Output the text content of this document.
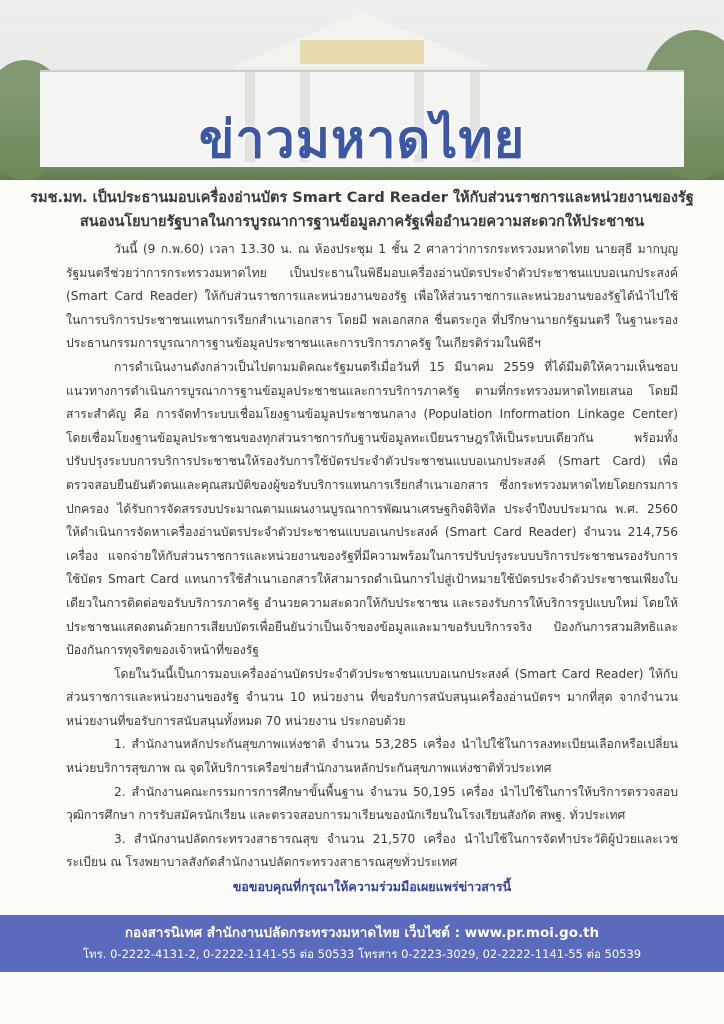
ข่าวมหาดไทย
รมช.มท. เป็นประธานมอบเครื่องอ่านบัตร Smart Card Reader ให้กับส่วนราชการและหน่วยงานของรัฐ
สนองนโยบายรัฐบาลในการบูรณาการฐานข้อมูลภาครัฐเพื่ออำนวยความสะดวกให้ประชาชน

วันนี้ (9 ก.พ.60) เวลา 13.30 น. ณ ห้องประชุม 1 ชั้น 2 ศาลาว่าการกระทรวงมหาดไทย นายสุธี มากบุญ รัฐมนตรีช่วยว่าการกระทรวงมหาดไทย เป็นประธานในพิธีมอบเครื่องอ่านบัตรประจำตัวประชาชนแบบอเนกประสงค์ (Smart Card Reader) ให้กับส่วนราชการและหน่วยงานของรัฐ เพื่อให้ส่วนราชการและหน่วยงานของรัฐได้นำไปใช้ในการบริการประชาชนแทนการเรียกสำเนาเอกสาร โดยมี พลเอกสกล ชื่นตระกูล ที่ปรึกษานายกรัฐมนตรี ในฐานะรองประธานกรรมการบูรณาการฐานข้อมูลประชาชนและการบริการภาครัฐ ในเกียรติร่วมในพิธีฯ

การดำเนินงานดังกล่าวเป็นไปตามมติคณะรัฐมนตรีเมื่อวันที่ 15 มีนาคม 2559 ที่ได้มีมติให้ความเห็นชอบแนวทางการดำเนินการบูรณาการฐานข้อมูลประชาชนและการบริการภาครัฐ ตามที่กระทรวงมหาดไทยเสนอ โดยมีสาระสำคัญ คือ การจัดทำระบบเชื่อมโยงฐานข้อมูลประชาชนกลาง (Population Information Linkage Center) โดยเชื่อมโยงฐานข้อมูลประชาชนของทุกส่วนราชการกับฐานข้อมูลทะเบียนราษฎรให้เป็นระบบเดียวกัน พร้อมทั้งปรับปรุงระบบการบริการประชาชนให้รองรับการใช้บัตรประจำตัวประชาชนแบบอเนกประสงค์ (Smart Card) เพื่อตรวจสอบยืนยันตัวตนและคุณสมบัติของผู้ขอรับบริการแทนการเรียกสำเนาเอกสาร ซึ่งกระทรวงมหาดไทยโดยกรมการปกครอง ได้รับการจัดสรรงบประมาณตามแผนงานบูรณาการพัฒนาเศรษฐกิจดิจิทัล ประจำปีงบประมาณ พ.ศ. 2560 ให้ดำเนินการจัดหาเครื่องอ่านบัตรประจำตัวประชาชนแบบอเนกประสงค์ (Smart Card Reader) จำนวน 214,756 เครื่อง แจกจ่ายให้กับส่วนราชการและหน่วยงานของรัฐที่มีความพร้อมในการปรับปรุงระบบบริการประชาชนรองรับการใช้บัตร Smart Card แทนการใช้สำเนาเอกสารให้สามารถดำเนินการไปสู่เป้าหมายใช้บัตรประจำตัวประชาชนเพียงใบเดียวในการติดต่อขอรับบริการภาครัฐ อำนวยความสะดวกให้กับประชาชน และรองรับการให้บริการรูปแบบใหม่ โดยให้ประชาชนแสดงตนด้วยการเสียบบัตรเพื่อยืนยันว่าเป็นเจ้าของข้อมูลและมาขอรับบริการจริง ป้องกันการสวมสิทธิและป้องกันการทุจริตของเจ้าหน้าที่ของรัฐ

โดยในวันนี้เป็นการมอบเครื่องอ่านบัตรประจำตัวประชาชนแบบอเนกประสงค์ (Smart Card Reader) ให้กับส่วนราชการและหน่วยงานของรัฐ จำนวน 10 หน่วยงาน ที่ขอรับการสนับสนุนเครื่องอ่านบัตรฯ มากที่สุด จากจำนวนหน่วยงานที่ขอรับการสนับสนุนทั้งหมด 70 หน่วยงาน ประกอบด้วย

1. สำนักงานหลักประกันสุขภาพแห่งชาติ จำนวน 53,285 เครื่อง นำไปใช้ในการลงทะเบียนเลือกหรือเปลี่ยนหน่วยบริการสุขภาพ ณ จุดให้บริการเครือข่ายสำนักงานหลักประกันสุขภาพแห่งชาติทั่วประเทศ

2. สำนักงานคณะกรรมการการศึกษาขั้นพื้นฐาน จำนวน 50,195 เครื่อง นำไปใช้ในการให้บริการตรวจสอบวุฒิการศึกษา การรับสมัครนักเรียน และตรวจสอบการมาเรียนของนักเรียนในโรงเรียนสังกัด สพฐ. ทั่วประเทศ

3. สำนักงานปลัดกระทรวงสาธารณสุข จำนวน 21,570 เครื่อง นำไปใช้ในการจัดทำประวัติผู้ป่วยและเวชระเบียน ณ โรงพยาบาลสังกัดสำนักงานปลัดกระทรวงสาธารณสุขทั่วประเทศ

ขอขอบคุณที่กรุณาให้ความร่วมมือเผยแพร่ข่าวสารนี้

กองสารนิเทศ สำนักงานปลัดกระทรวงมหาดไทย เว็บไซต์ : www.pr.moi.go.th
โทร. 0-2222-4131-2, 0-2222-1141-55 ต่อ 50533 โทรสาร 0-2223-3029, 02-2222-1141-55 ต่อ 50539
